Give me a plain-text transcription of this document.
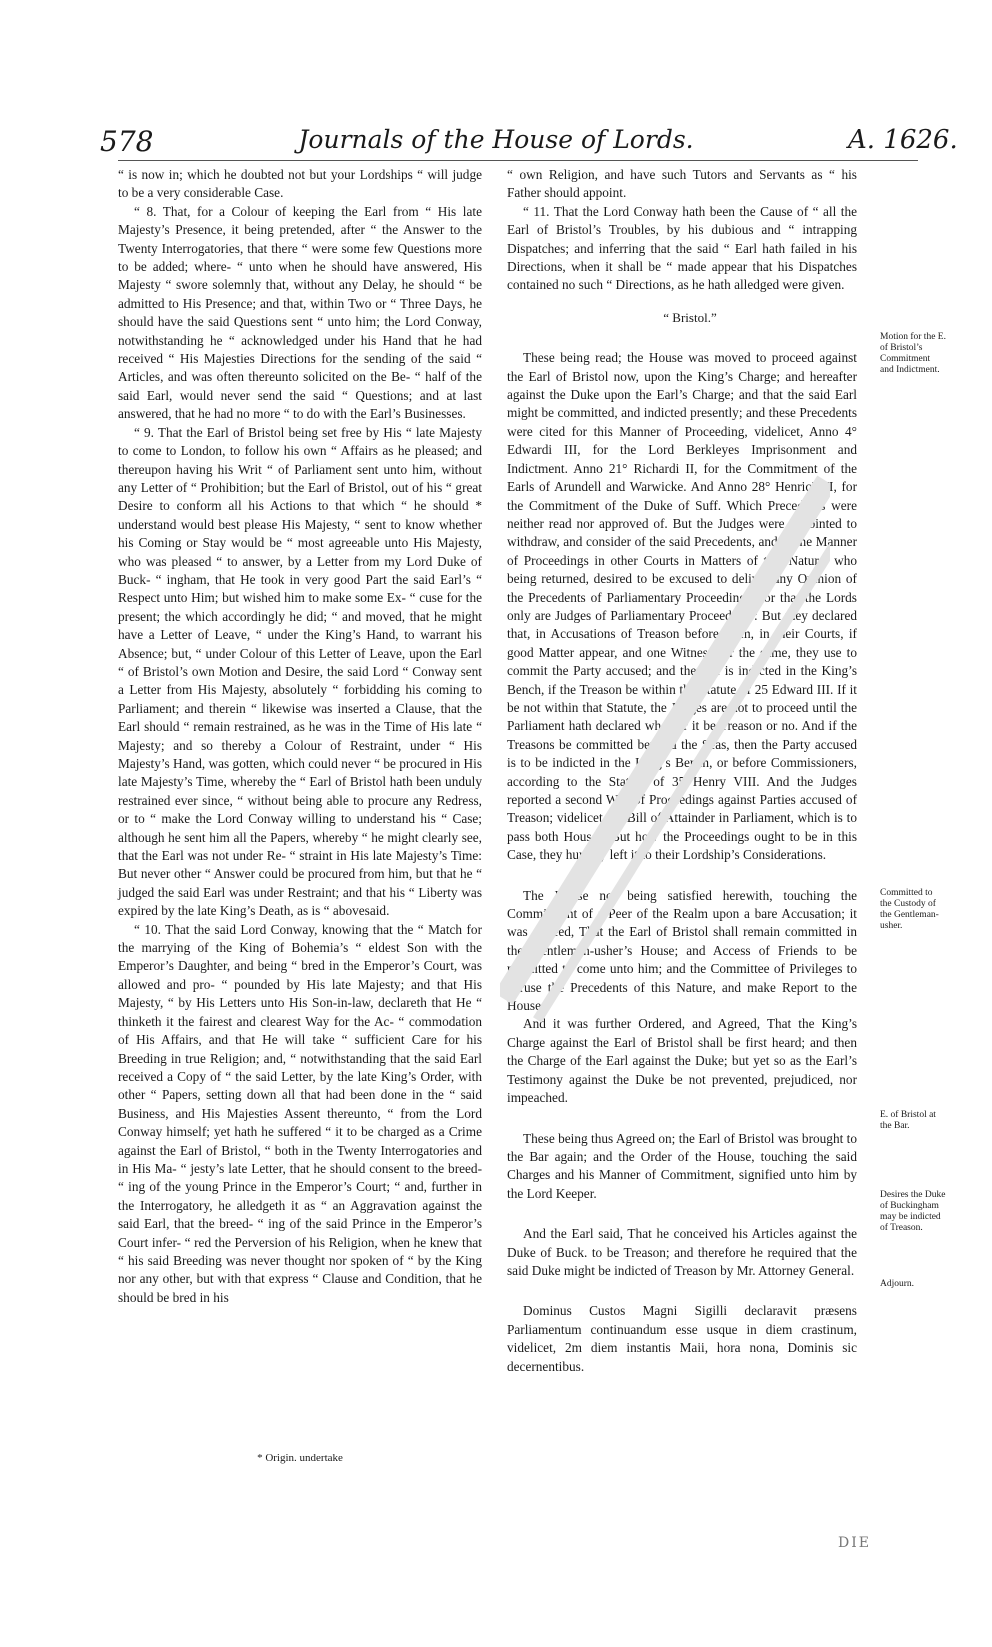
578	Journals of the House of Lords.	A. 1626.

“ is now in; which he doubted not but your Lordships “ will judge to be a very considerable Case.

“ 8. That, for a Colour of keeping the Earl from “ His late Majesty’s Presence, it being pretended, after “ the Answer to the Twenty Interrogatories, that there “ were some few Questions more to be added; where- “ unto when he should have answered, His Majesty “ swore solemnly that, without any Delay, he should “ be admitted to His Presence; and that, within Two or “ Three Days, he should have the said Questions sent “ unto him; the Lord Conway, notwithstanding he “ acknowledged under his Hand that he had received “ His Majesties Directions for the sending of the said “ Articles, and was often thereunto solicited on the Be- “ half of the said Earl, would never send the said “ Questions; and at last answered, that he had no more “ to do with the Earl’s Businesses.

“ 9. That the Earl of Bristol being set free by His “ late Majesty to come to London, to follow his own “ Affairs as he pleased; and thereupon having his Writ “ of Parliament sent unto him, without any Letter of “ Prohibition; but the Earl of Bristol, out of his “ great Desire to conform all his Actions to that which “ he should * understand would best please His Majesty, “ sent to know whether his Coming or Stay would be “ most agreeable unto His Majesty, who was pleased “ to answer, by a Letter from my Lord Duke of Buck- “ ingham, that He took in very good Part the said Earl’s “ Respect unto Him; but wished him to make some Ex- “ cuse for the present; the which accordingly he did; “ and moved, that he might have a Letter of Leave, “ under the King’s Hand, to warrant his Absence; but, “ under Colour of this Letter of Leave, upon the Earl “ of Bristol’s own Motion and Desire, the said Lord “ Conway sent a Letter from His Majesty, absolutely “ forbidding his coming to Parliament; and therein “ likewise was inserted a Clause, that the Earl should “ remain restrained, as he was in the Time of His late “ Majesty; and so thereby a Colour of Restraint, under “ His Majesty’s Hand, was gotten, which could never “ be procured in His late Majesty’s Time, whereby the “ Earl of Bristol hath been unduly restrained ever since, “ without being able to procure any Redress, or to “ make the Lord Conway willing to understand his “ Case; although he sent him all the Papers, whereby “ he might clearly see, that the Earl was not under Re- “ straint in His late Majesty’s Time: But never other “ Answer could be procured from him, but that he “ judged the said Earl was under Restraint; and that his “ Liberty was expired by the late King’s Death, as is “ abovesaid.

“ 10. That the said Lord Conway, knowing that the “ Match for the marrying of the King of Bohemia’s “ eldest Son with the Emperor’s Daughter, and being “ bred in the Emperor’s Court, was allowed and pro- “ pounded by His late Majesty; and that His Majesty, “ by His Letters unto His Son-in-law, declareth that He “ thinketh it the fairest and clearest Way for the Ac- “ commodation of His Affairs, and that He will take “ sufficient Care for his Breeding in true Religion; and, “ notwithstanding that the said Earl received a Copy of “ the said Letter, by the late King’s Order, with other “ Papers, setting down all that had been done in the “ said Business, and His Majesties Assent thereunto, “ from the Lord Conway himself; yet hath he suffered “ it to be charged as a Crime against the Earl of Bristol, “ both in the Twenty Interrogatories and in His Ma- “ jesty’s late Letter, that he should consent to the breed- “ ing of the young Prince in the Emperor’s Court; “ and, further in the Interrogatory, he alledgeth it as “ an Aggravation against the said Earl, that the breed- “ ing of the said Prince in the Emperor’s Court infer- “ red the Perversion of his Religion, when he knew that “ his said Breeding was never thought nor spoken of “ by the King nor any other, but with that express “ Clause and Condition, that he should be bred in his

* Origin. undertake

“ own Religion, and have such Tutors and Servants as “ his Father should appoint.

“ 11. That the Lord Conway hath been the Cause of “ all the Earl of Bristol’s Troubles, by his dubious and “ intrapping Dispatches; and inferring that the said “ Earl hath failed in his Directions, when it shall be “ made appear that his Dispatches contained no such “ Directions, as he hath alledged were given.

“ Bristol.”

These being read; the House was moved to proceed against the Earl of Bristol now, upon the King’s Charge; and hereafter against the Duke upon the Earl’s Charge; and that the said Earl might be committed, and indicted presently; and these Precedents were cited for this Manner of Proceeding, videlicet, Anno 4° Edwardi III, for the Lord Berkleyes Imprisonment and Indictment. Anno 21° Richardi II, for the Commitment of the Earls of Arundell and Warwicke. And Anno 28° Henrici VI, for the Commitment of the Duke of Suff. Which Precedents were neither read nor approved of. But the Judges were appointed to withdraw, and consider of the said Precedents, and of the Manner of Proceedings in other Courts in Matters of this Nature: who being returned, desired to be excused to deliver any Opinion of the Precedents of Parliamentary Proceedings; for that the Lords only are Judges of Parliamentary Proceedings: But they declared that, in Accusations of Treason before them, in their Courts, if good Matter appear, and one Witness for the same, they use to commit the Party accused; and then he is indicted in the King’s Bench, if the Treason be within the Statute of 25 Edward III. If it be not within that Statute, the Judges are not to proceed until the Parliament hath declared whether it be Treason or no. And if the Treasons be committed beyond the Seas, then the Party accused is to be indicted in the King’s Bench, or before Commissioners, according to the Statute of 35 Henry VIII. And the Judges reported a second Way of Proceedings against Parties accused of Treason; videlicet, by Bill of Attainder in Parliament, which is to pass both Houses. But how the Proceedings ought to be in this Case, they humbly left it to their Lordship’s Considerations.

The House not being satisfied herewith, touching the Commitment of a Peer of the Realm upon a bare Accusation; it was Agreed, That the Earl of Bristol shall remain committed in the Gentleman-usher’s House; and Access of Friends to be permitted to come unto him; and the Committee of Privileges to peruse the Precedents of this Nature, and make Report to the House.

And it was further Ordered, and Agreed, That the King’s Charge against the Earl of Bristol shall be first heard; and then the Charge of the Earl against the Duke; but yet so as the Earl’s Testimony against the Duke be not prevented, prejudiced, nor impeached.

These being thus Agreed on; the Earl of Bristol was brought to the Bar again; and the Order of the House, touching the said Charges and his Manner of Commitment, signified unto him by the Lord Keeper.

And the Earl said, That he conceived his Articles against the Duke of Buck. to be Treason; and therefore he required that the said Duke might be indicted of Treason by Mr. Attorney General.

Dominus Custos Magni Sigilli declaravit præsens Parliamentum continuandum esse usque in diem crastinum, videlicet, 2m diem instantis Maii, hora nona, Dominis sic decernentibus.

Motion for the E. of Bristol’s Commitment and Indictment.
Committed to the Custody of the Gentleman-usher.
E. of Bristol at the Bar.
Desires the Duke of Buckingham may be indicted of Treason.
Adjourn.
DIE
